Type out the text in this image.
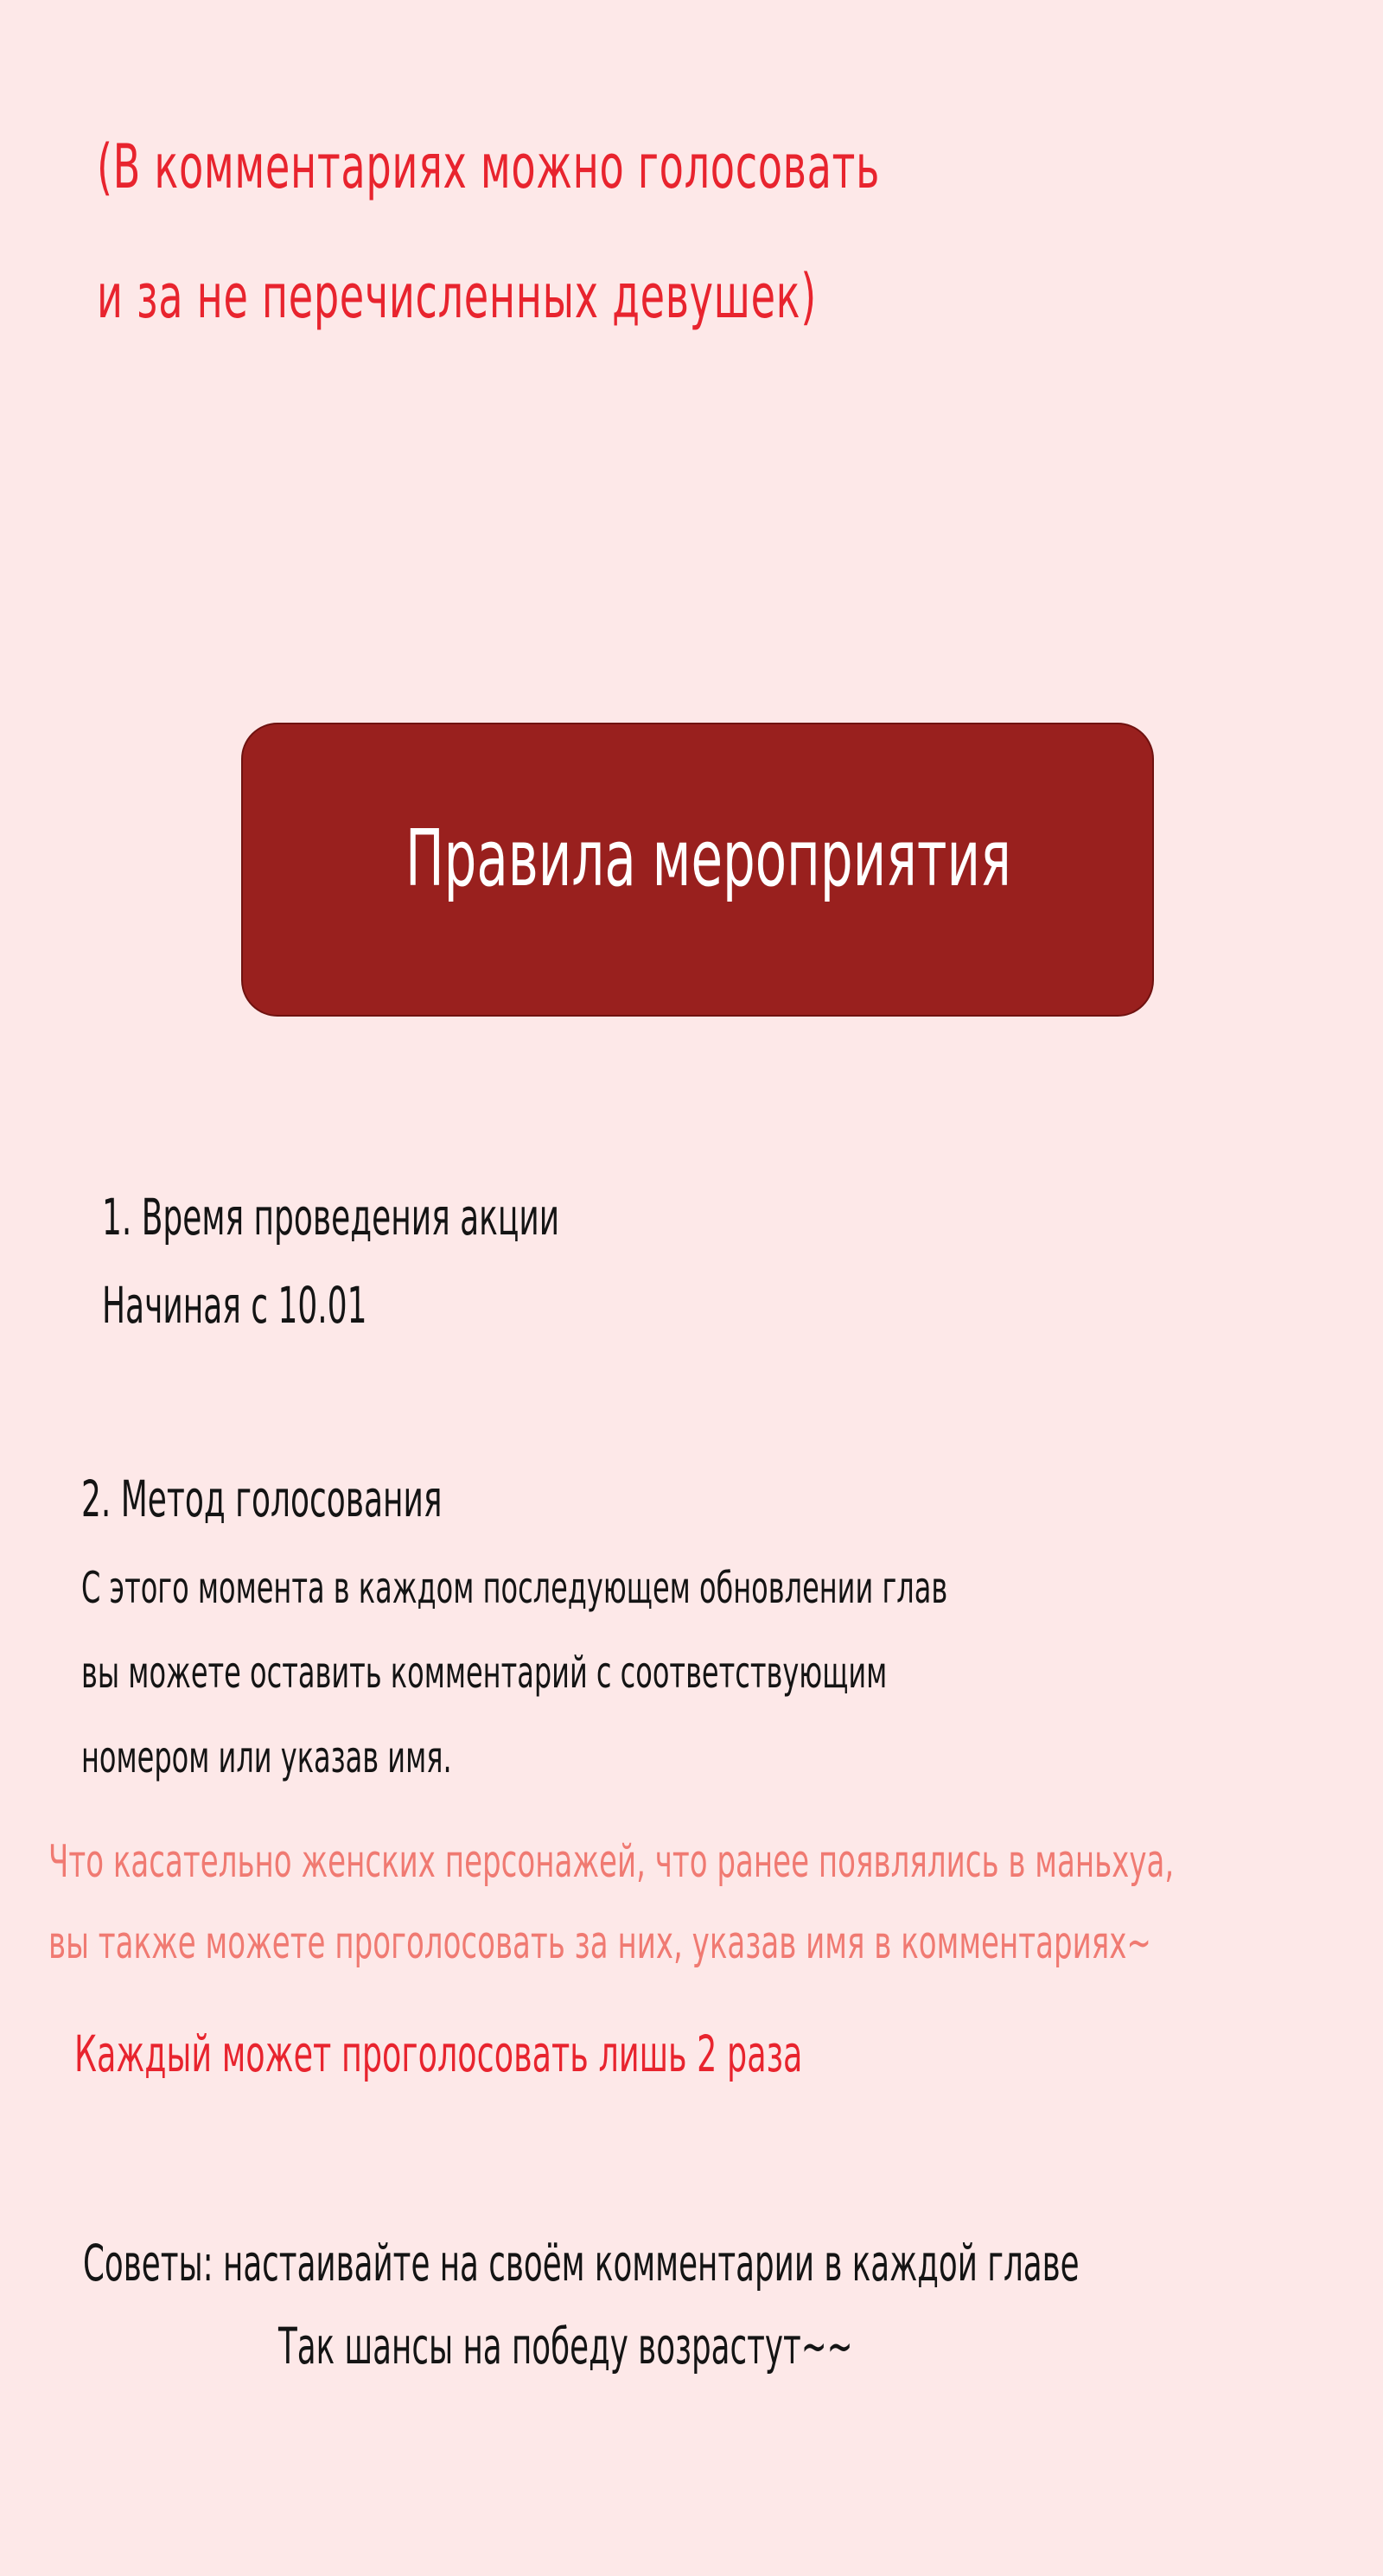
(В комментариях можно голосовать

и за не перечисленных девушек)

Правила мероприятия

1. Время проведения акции

Начиная с 10.01

2. Метод голосования

С этого момента в каждом последующем обновлении глав

вы можете оставить комментарий с соответствующим

номером или указав имя.

Что касательно женских персонажей, что ранее появлялись в маньхуа,

вы также можете проголосовать за них, указав имя в комментариях~

Каждый может проголосовать лишь 2 раза

Советы: настаивайте на своём комментарии в каждой главе

Так шансы на победу возрастут~~
